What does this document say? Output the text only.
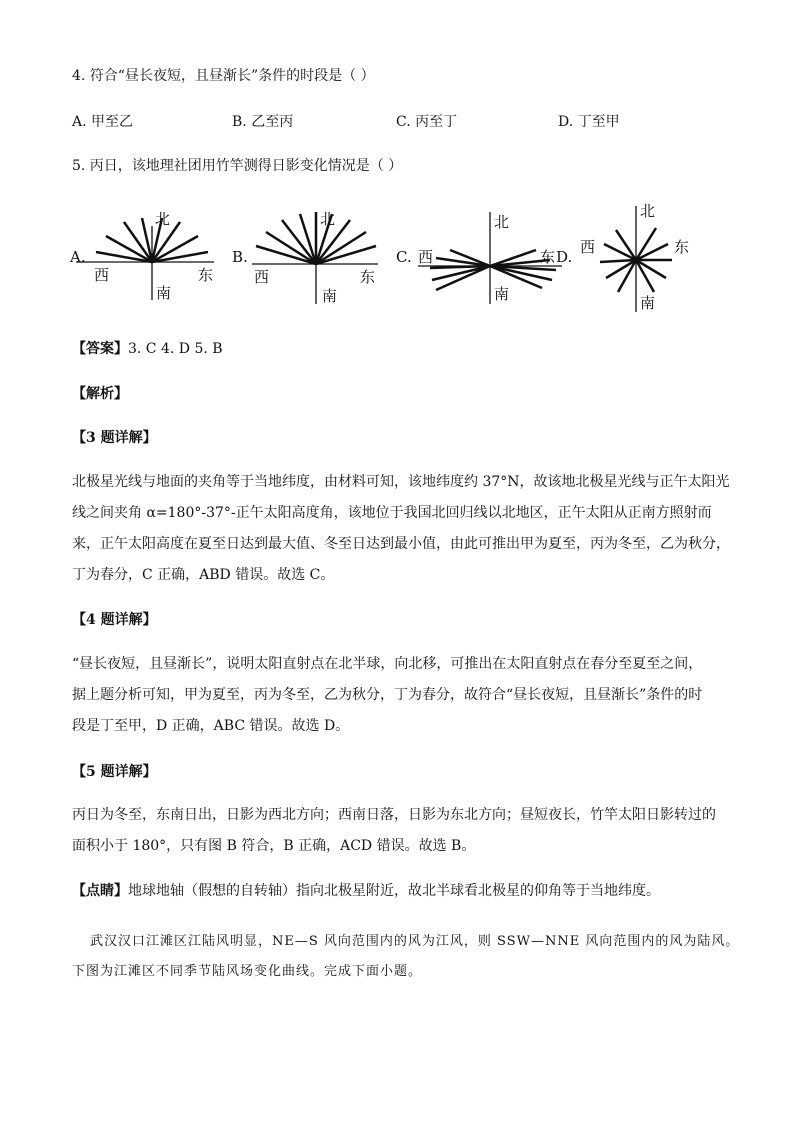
4. 符合“昼长夜短，且昼渐长”条件的时段是（ ）
A. 甲至乙	B. 乙至丙	C. 丙至丁	D. 丁至甲
5. 丙日，该地理社团用竹竿测得日影变化情况是（ ）
A.
北
西	东
南
B.
北
西	东
南
C.
北
西	东
南
D.
北
西	东
南
【答案】3. C 4. D 5. B
【解析】
【3 题详解】

北极星光线与地面的夹角等于当地纬度，由材料可知，该地纬度约 37°N，故该地北极星光线与正午太阳光

线之间夹角 α=180°-37°-正午太阳高度角，该地位于我国北回归线以北地区，正午太阳从正南方照射而

来，正午太阳高度在夏至日达到最大值、冬至日达到最小值，由此可推出甲为夏至，丙为冬至，乙为秋分，

丁为春分，C 正确，ABD 错误。故选 C。

【4 题详解】

“昼长夜短，且昼渐长”，说明太阳直射点在北半球，向北移，可推出在太阳直射点在春分至夏至之间，

据上题分析可知，甲为夏至，丙为冬至，乙为秋分，丁为春分，故符合“昼长夜短，且昼渐长”条件的时

段是丁至甲，D 正确，ABC 错误。故选 D。

【5 题详解】

丙日为冬至，东南日出，日影为西北方向；西南日落，日影为东北方向；昼短夜长，竹竿太阳日影转过的

面积小于 180°，只有图 B 符合，B 正确，ACD 错误。故选 B。

【点睛】地球地轴（假想的自转轴）指向北极星附近，故北半球看北极星的仰角等于当地纬度。
武汉汉口江滩区江陆风明显，NE—S 风向范围内的风为江风，则 SSW—NNE 风向范围内的风为陆风。
下图为江滩区不同季节陆风场变化曲线。完成下面小题。
